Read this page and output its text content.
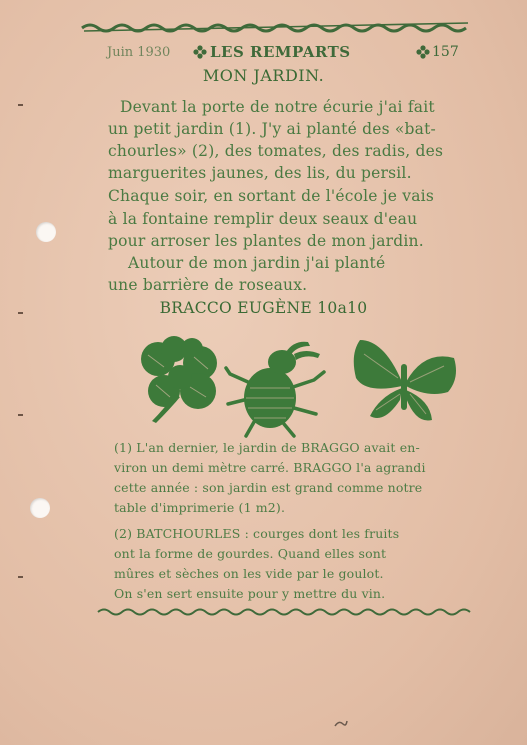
Juin 1930	LES REMPARTS	157
MON JARDIN.
Devant la porte de notre écurie j'ai fait
un petit jardin (1). J'y ai planté des «bat-
chourles» (2), des tomates, des radis, des
marguerites jaunes, des lis, du persil.
Chaque soir, en sortant de l'école je vais
à la fontaine remplir deux seaux d'eau
pour arroser les plantes de mon jardin.
Autour de mon jardin j'ai planté
une barrière de roseaux.
BRACCO EUGÈNE 10a10
(1) L'an dernier, le jardin de BRAGGO avait en-
viron un demi mètre carré. BRAGGO l'a agrandi
cette année : son jardin est grand comme notre
table d'imprimerie (1 m2).
(2) BATCHOURLES : courges dont les fruits
ont la forme de gourdes. Quand elles sont
mûres et sèches on les vide par le goulot.
On s'en sert ensuite pour y mettre du vin.
